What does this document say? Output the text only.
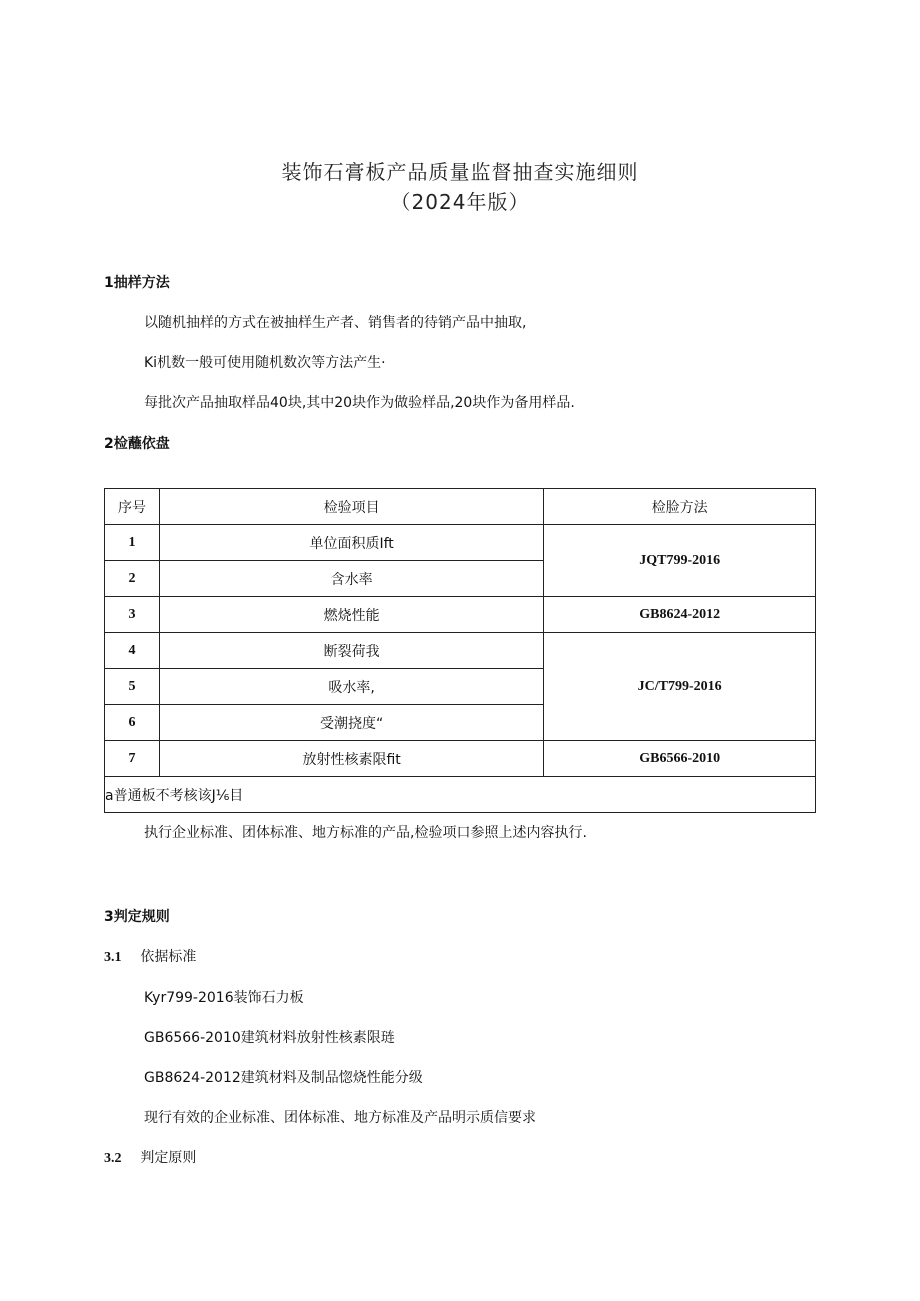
装饰石膏板产品质量监督抽查实施细则
（2024年版）
1抽样方法
以随机抽样的方式在被抽样生产者、销售者的待销产品中抽取,
Ki机数一般可使用随机数次等方法产生·
每批次产品抽取样品40块,其中20块作为做验样品,20块作为备用样品.
2检蘸依盘
序号	检验项目	检脸方法
1	单位面积质Ift	JQT799-2016
2	含水率	
3	燃烧性能	GB8624-2012
4	断裂荷我	JC/T799-2016
5	吸水率,	
6	受潮挠度“	
7	放射性核素限fit	GB6566-2010
a普通板不考核该J⅙目		
执行企业标准、团体标准、地方标准的产品,检验项口参照上述内容执行.
3判定规则
3.1 依据标准
Kyr799-2016装饰石力板
GB6566-2010建筑材料放射性核素限琏
GB8624-2012建筑材料及制品惚烧性能分级
现行有效的企业标准、团体标准、地方标准及产品明示质信要求
3.2 判定原则
